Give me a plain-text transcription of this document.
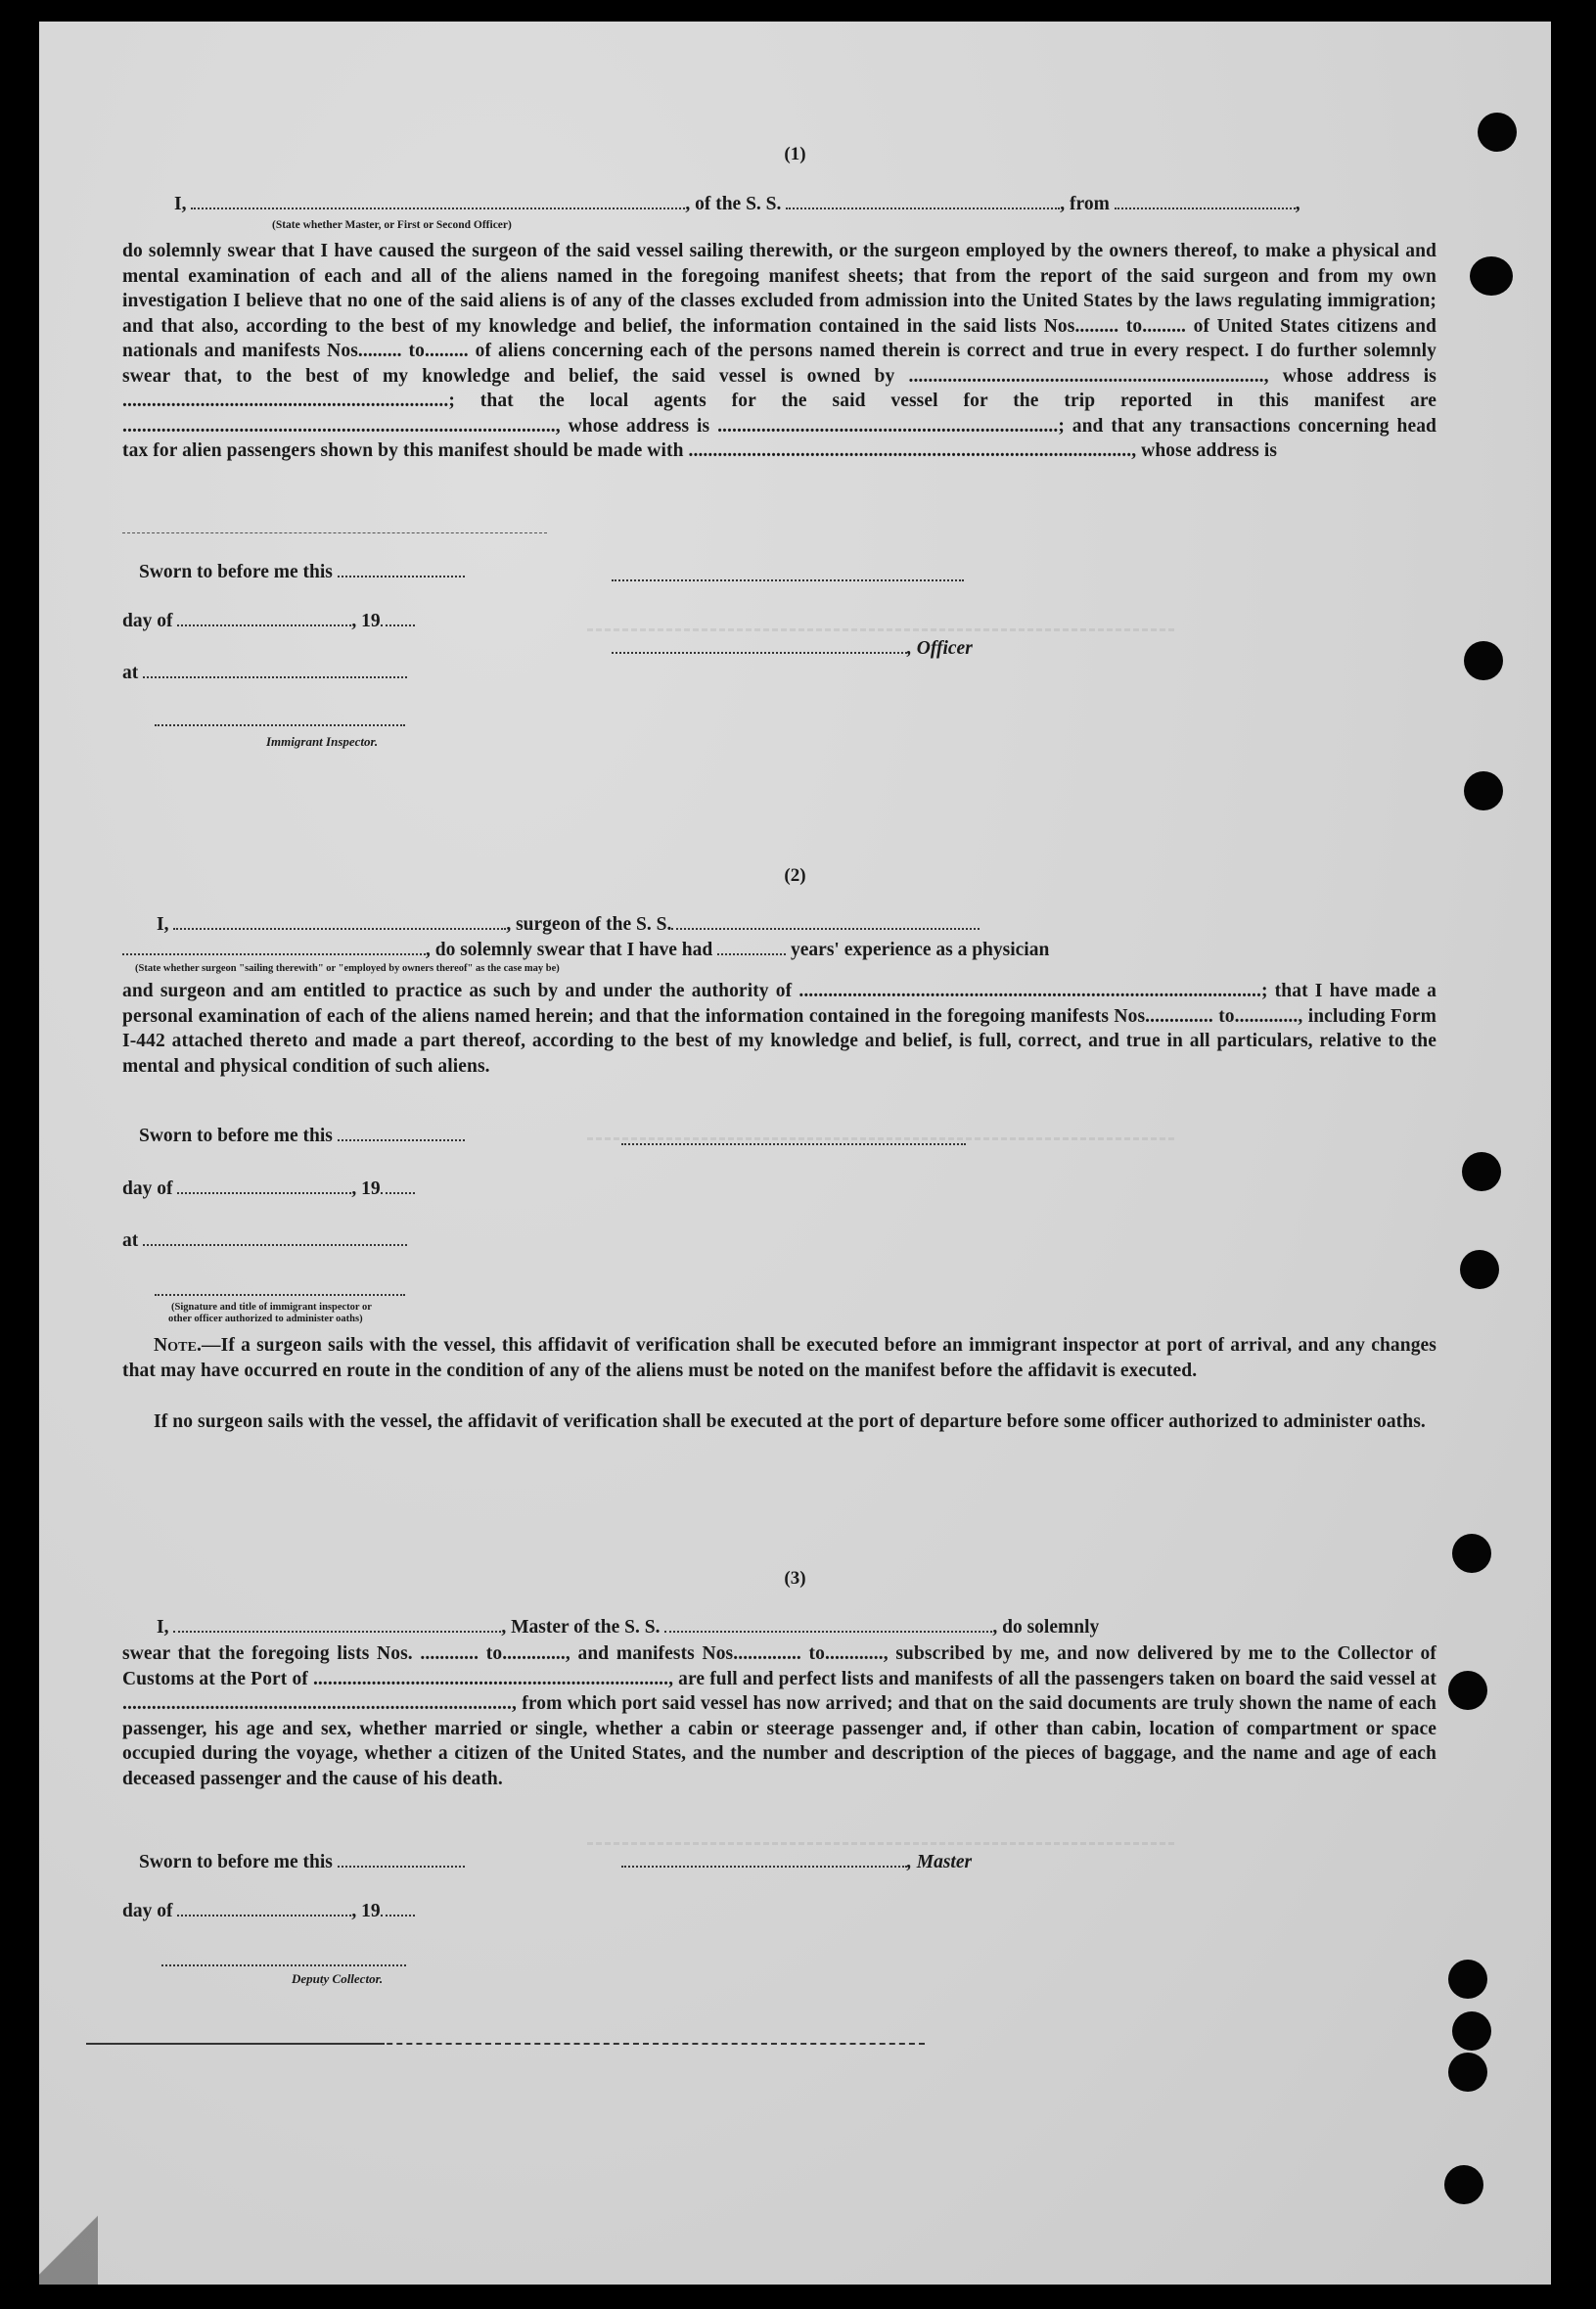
(1)
I,	, of the S. S.	, from	,
(State whether Master, or First or Second Officer)
do solemnly swear that I have caused the surgeon of the said vessel sailing therewith, or the surgeon employed by the owners thereof, to make a physical and mental examination of each and all of the aliens named in the foregoing manifest sheets; that from the report of the said surgeon and from my own investigation I believe that no one of the said aliens is of any of the classes excluded from admission into the United States by the laws regulating immigration; and that also, according to the best of my knowledge and belief, the information contained in the said lists Nos......... to......... of United States citizens and nationals and manifests Nos......... to......... of aliens concerning each of the persons named therein is correct and true in every respect. I do further solemnly swear that, to the best of my knowledge and belief, the said vessel is owned by ........................................................................., whose address is ...................................................................; that the local agents for the said vessel for the trip reported in this manifest are ........................................................................................., whose address is ......................................................................; and that any transactions concerning head tax for alien passengers shown by this manifest should be made with ..........................................................................................., whose address is
Sworn to before me this
day of	, 19
, Officer
at
Immigrant Inspector.
(2)
I,	, surgeon of the S. S.
, do solemnly swear that I have had	years' experience as a physician
(State whether surgeon "sailing therewith" or "employed by owners thereof" as the case may be)
and surgeon and am entitled to practice as such by and under the authority of ...............................................................................................; that I have made a personal examination of each of the aliens named herein; and that the information contained in the foregoing manifests Nos.............. to............., including Form I-442 attached thereto and made a part thereof, according to the best of my knowledge and belief, is full, correct, and true in all particulars, relative to the mental and physical condition of such aliens.
Sworn to before me this
day of	, 19
at
(Signature and title of immigrant inspector or
other officer authorized to administer oaths)
Note.—If a surgeon sails with the vessel, this affidavit of verification shall be executed before an immigrant inspector at port of arrival, and any changes that may have occurred en route in the condition of any of the aliens must be noted on the manifest before the affidavit is executed.
If no surgeon sails with the vessel, the affidavit of verification shall be executed at the port of departure before some officer authorized to administer oaths.
(3)
I,	, Master of the S. S.	, do solemnly
swear that the foregoing lists Nos. ............ to............., and manifests Nos.............. to............, subscribed by me, and now delivered by me to the Collector of Customs at the Port of ........................................................................., are full and perfect lists and manifests of all the passengers taken on board the said vessel at ................................................................................, from which port said vessel has now arrived; and that on the said documents are truly shown the name of each passenger, his age and sex, whether married or single, whether a cabin or steerage passenger and, if other than cabin, location of compartment or space occupied during the voyage, whether a citizen of the United States, and the number and description of the pieces of baggage, and the name and age of each deceased passenger and the cause of his death.
Sworn to before me this	, Master
day of	, 19
Deputy Collector.
